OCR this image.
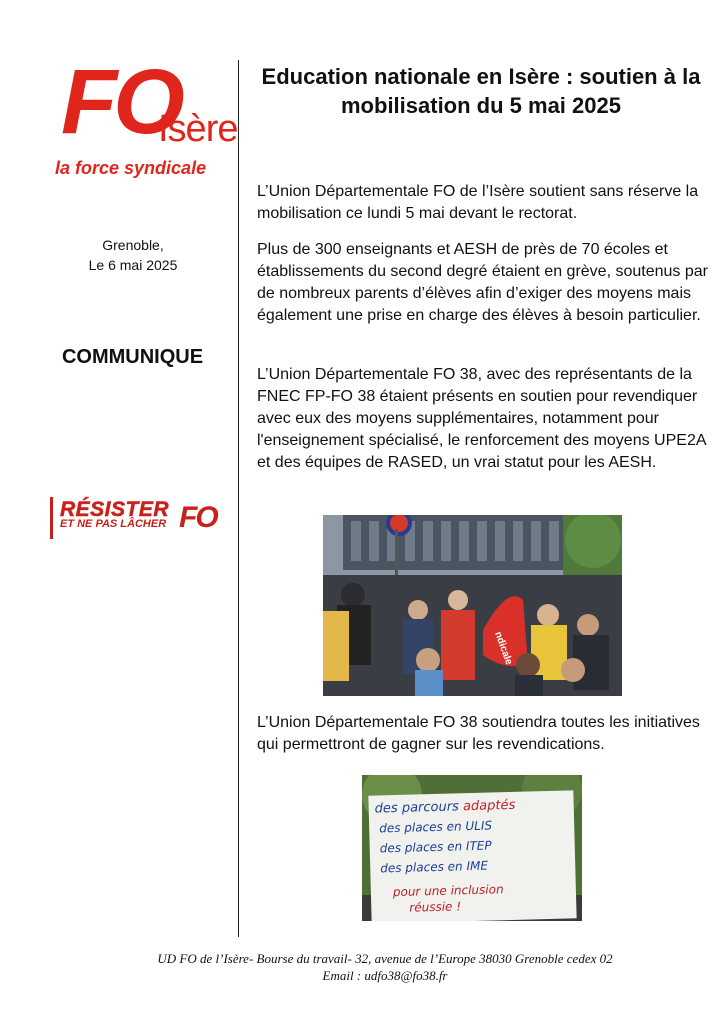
FO
Isère
la force syndicale
Grenoble,
Le 6 mai 2025
COMMUNIQUE
RÉSISTER
ET NE PAS LÂCHER FO
Education nationale en Isère : soutien à la mobilisation du 5 mai 2025

L’Union Départementale FO de l’Isère soutient sans réserve la mobilisation ce lundi 5 mai devant le rectorat.

Plus de 300 enseignants et AESH de près de 70 écoles et établissements du second degré étaient en grève, soutenus par de nombreux parents d’élèves afin d’exiger des moyens mais également une prise en charge des élèves à besoin particulier.

L’Union Départementale FO 38, avec des représentants de la FNEC FP-FO 38 étaient présents en soutien pour revendiquer avec eux des moyens supplémentaires, notamment pour l'enseignement spécialisé, le renforcement des moyens UPE2A et des équipes de RASED, un vrai statut pour les AESH.

ndicale

L’Union Départementale FO 38 soutiendra toutes les initiatives qui permettront de gagner sur les revendications.

des parcours adaptés
des places en ULIS
des places en ITEP
des places en IME
pour une inclusion
réussie !
UD FO de l’Isère- Bourse du travail- 32, avenue de l’Europe 38030 Grenoble cedex 02
Email : udfo38@fo38.fr
